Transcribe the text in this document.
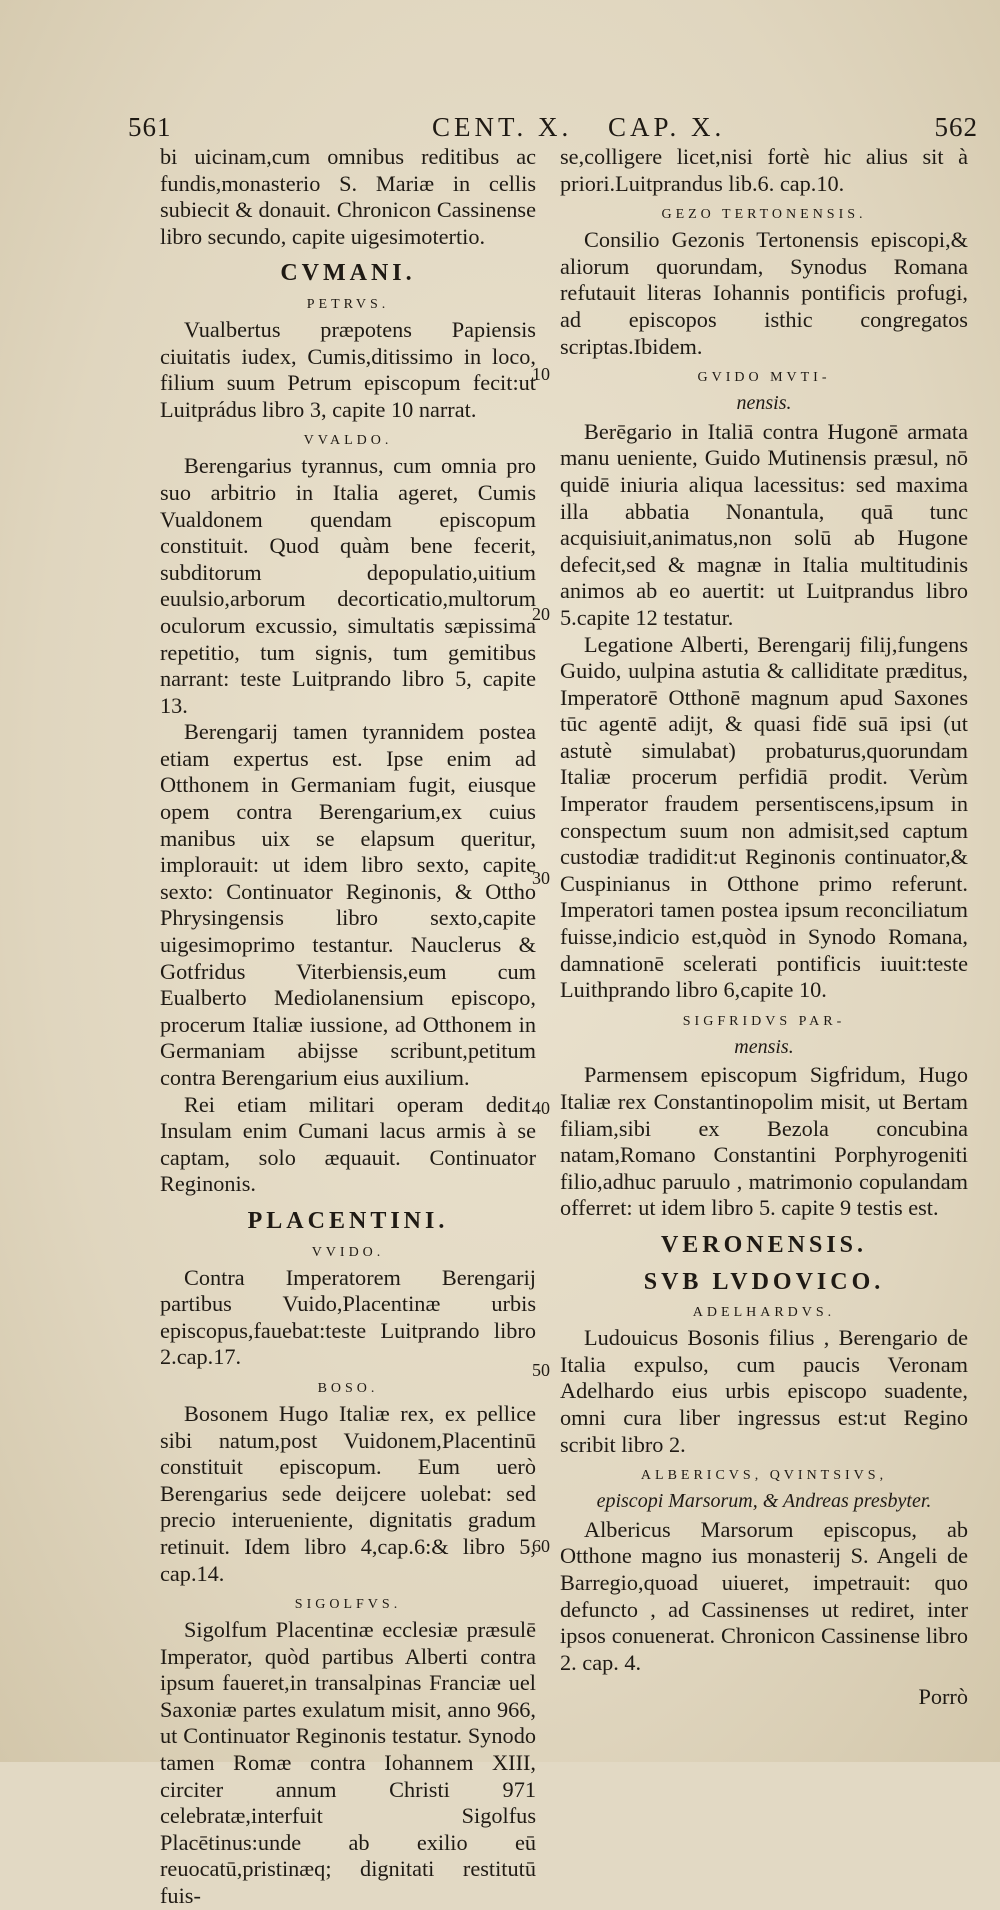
561	CENT. X. CAP. X.	562

bi uicinam,cum omnibus reditibus ac fundis,monasterio S. Mariæ in cellis subiecit & donauit. Chronicon Cassinense libro secundo, capite uigesimotertio.

CVMANI.
PETRVS.

Vualbertus præpotens Papiensis ciuitatis iudex, Cumis,ditissimo in loco, filium suum Petrum episcopum fecit:ut Luitprádus libro 3, capite 10 narrat.

VVALDO.

Berengarius tyrannus, cum omnia pro suo arbitrio in Italia ageret, Cumis Vualdonem quendam episcopum constituit. Quod quàm bene fecerit, subditorum depopulatio,uitium euulsio,arborum decorticatio,multorum oculorum excussio, simultatis sæpissima repetitio, tum signis, tum gemitibus narrant: teste Luitprando libro 5, capite 13.

Berengarij tamen tyrannidem postea etiam expertus est. Ipse enim ad Otthonem in Germaniam fugit, eiusque opem contra Berengarium,ex cuius manibus uix se elapsum queritur, implorauit: ut idem libro sexto, capite sexto: Continuator Reginonis, & Ottho Phrysingensis libro sexto,capite uigesimoprimo testantur. Nauclerus & Gotfridus Viterbiensis,eum cum Eualberto Mediolanensium episcopo, procerum Italiæ iussione, ad Otthonem in Germaniam abijsse scribunt,petitum contra Berengarium eius auxilium.

Rei etiam militari operam dedit. Insulam enim Cumani lacus armis à se captam, solo æquauit. Continuator Reginonis.

PLACENTINI.
VVIDO.

Contra Imperatorem Berengarij partibus Vuido,Placentinæ urbis episcopus,fauebat:teste Luitprando libro 2.cap.17.

BOSO.

Bosonem Hugo Italiæ rex, ex pellice sibi natum,post Vuidonem,Placentinū constituit episcopum. Eum uerò Berengarius sede deijcere uolebat: sed precio interueniente, dignitatis gradum retinuit. Idem libro 4,cap.6:& libro 5, cap.14.

SIGOLFVS.

Sigolfum Placentinæ ecclesiæ præsulē Imperator, quòd partibus Alberti contra ipsum faueret,in transalpinas Franciæ uel Saxoniæ partes exulatum misit, anno 966, ut Continuator Reginonis testatur. Synodo tamen Romæ contra Iohannem XIII, circiter annum Christi 971 celebratæ,interfuit Sigolfus Placētinus:unde ab exilio eū reuocatū,pristinæq; dignitati restitutū fuis-

se,colligere licet,nisi fortè hic alius sit à priori.Luitprandus lib.6. cap.10.

GEZO TERTONENSIS.

Consilio Gezonis Tertonensis episcopi,& aliorum quorundam, Synodus Romana refutauit literas Iohannis pontificis profugi, ad episcopos isthic congregatos scriptas.Ibidem.

GVIDO MVTI-
nensis.

Berēgario in Italiā contra Hugonē armata manu ueniente, Guido Mutinensis præsul, nō quidē iniuria aliqua lacessitus: sed maxima illa abbatia Nonantula, quā tunc acquisiuit,animatus,non solū ab Hugone defecit,sed & magnæ in Italia multitudinis animos ab eo auertit: ut Luitprandus libro 5.capite 12 testatur.

Legatione Alberti, Berengarij filij,fungens Guido, uulpina astutia & calliditate præditus, Imperatorē Otthonē magnum apud Saxones tūc agentē adijt, & quasi fidē suā ipsi (ut astutè simulabat) probaturus,quorundam Italiæ procerum perfidiā prodit. Verùm Imperator fraudem persentiscens,ipsum in conspectum suum non admisit,sed captum custodiæ tradidit:ut Reginonis continuator,& Cuspinianus in Otthone primo referunt. Imperatori tamen postea ipsum reconciliatum fuisse,indicio est,quòd in Synodo Romana, damnationē scelerati pontificis iuuit:teste Luithprando libro 6,capite 10.

SIGFRIDVS PAR-
mensis.

Parmensem episcopum Sigfridum, Hugo Italiæ rex Constantinopolim misit, ut Bertam filiam,sibi ex Bezola concubina natam,Romano Constantini Porphyrogeniti filio,adhuc paruulo , matrimonio copulandam offerret: ut idem libro 5. capite 9 testis est.

VERONENSIS.
SVB LVDOVICO.
ADELHARDVS.

Ludouicus Bosonis filius , Berengario de Italia expulso, cum paucis Veronam Adelhardo eius urbis episcopo suadente, omni cura liber ingressus est:ut Regino scribit libro 2.

ALBERICVS, QVINTSIVS,
episcopi Marsorum, & Andreas presbyter.

Albericus Marsorum episcopus, ab Otthone magno ius monasterij S. Angeli de Barregio,quoad uiueret, impetrauit: quo defuncto , ad Cassinenses ut rediret, inter ipsos conuenerat. Chronicon Cassinense libro 2. cap. 4.

Porrò
10
20
30
40
50
60
